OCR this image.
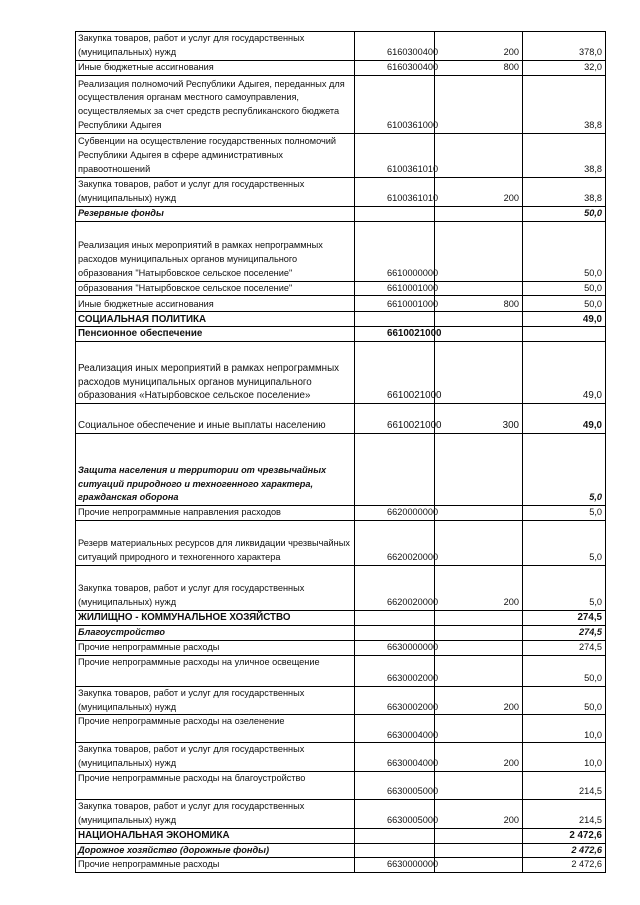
Закупка товаров, работ и услуг для государственных (муниципальных) нужд	6160300400	200	378,0
Иные бюджетные ассигнования	6160300400	800	32,0
Реализация полномочий Республики Адыгея, переданных для осуществления органам местного самоуправления, осуществляемых за счет средств республиканского бюджета Республики Адыгея	6100361000		38,8
Субвенции на осуществление государственных полномочий Республики Адыгея в сфере административных правоотношений	6100361010		38,8
Закупка товаров, работ и услуг для государственных (муниципальных) нужд	6100361010	200	38,8
Резервные фонды			50,0
Реализация иных мероприятий в рамках непрограммных расходов муниципальных органов муниципального образования "Натырбовское сельское поселение"	6610000000		50,0
образования "Натырбовское сельское поселение"	6610001000		50,0
Иные бюджетные ассигнования	6610001000	800	50,0
СОЦИАЛЬНАЯ ПОЛИТИКА			49,0
Пенсионное обеспечение	6610021000		
Реализация иных мероприятий в рамках непрограммных расходов муниципальных органов муниципального образования «Натырбовское сельское поселение»	6610021000		49,0
Социальное обеспечение и иные выплаты населению	6610021000	300	49,0
Защита населения и территории от чрезвычайных ситуаций природного и техногенного характера, гражданская оборона			5,0
Прочие непрограммные направления расходов	6620000000		5,0
Резерв материальных ресурсов для ликвидации чрезвычайных ситуаций природного и техногенного характера	6620020000		5,0
Закупка товаров, работ и услуг для государственных (муниципальных) нужд	6620020000	200	5,0
ЖИЛИЩНО - КОММУНАЛЬНОЕ ХОЗЯЙСТВО			274,5
Благоустройство			274,5
Прочие непрограммные расходы	6630000000		274,5
Прочие непрограммные расходы на уличное освещение	6630002000		50,0
Закупка товаров, работ и услуг для государственных (муниципальных) нужд	6630002000	200	50,0
Прочие непрограммные расходы на озеленение	6630004000		10,0
Закупка товаров, работ и услуг для государственных (муниципальных) нужд	6630004000	200	10,0
Прочие непрограммные расходы на благоустройство	6630005000		214,5
Закупка товаров, работ и услуг для государственных (муниципальных) нужд	6630005000	200	214,5
НАЦИОНАЛЬНАЯ ЭКОНОМИКА			2 472,6
Дорожное хозяйство (дорожные фонды)			2 472,6
Прочие непрограммные расходы	6630000000		2 472,6
